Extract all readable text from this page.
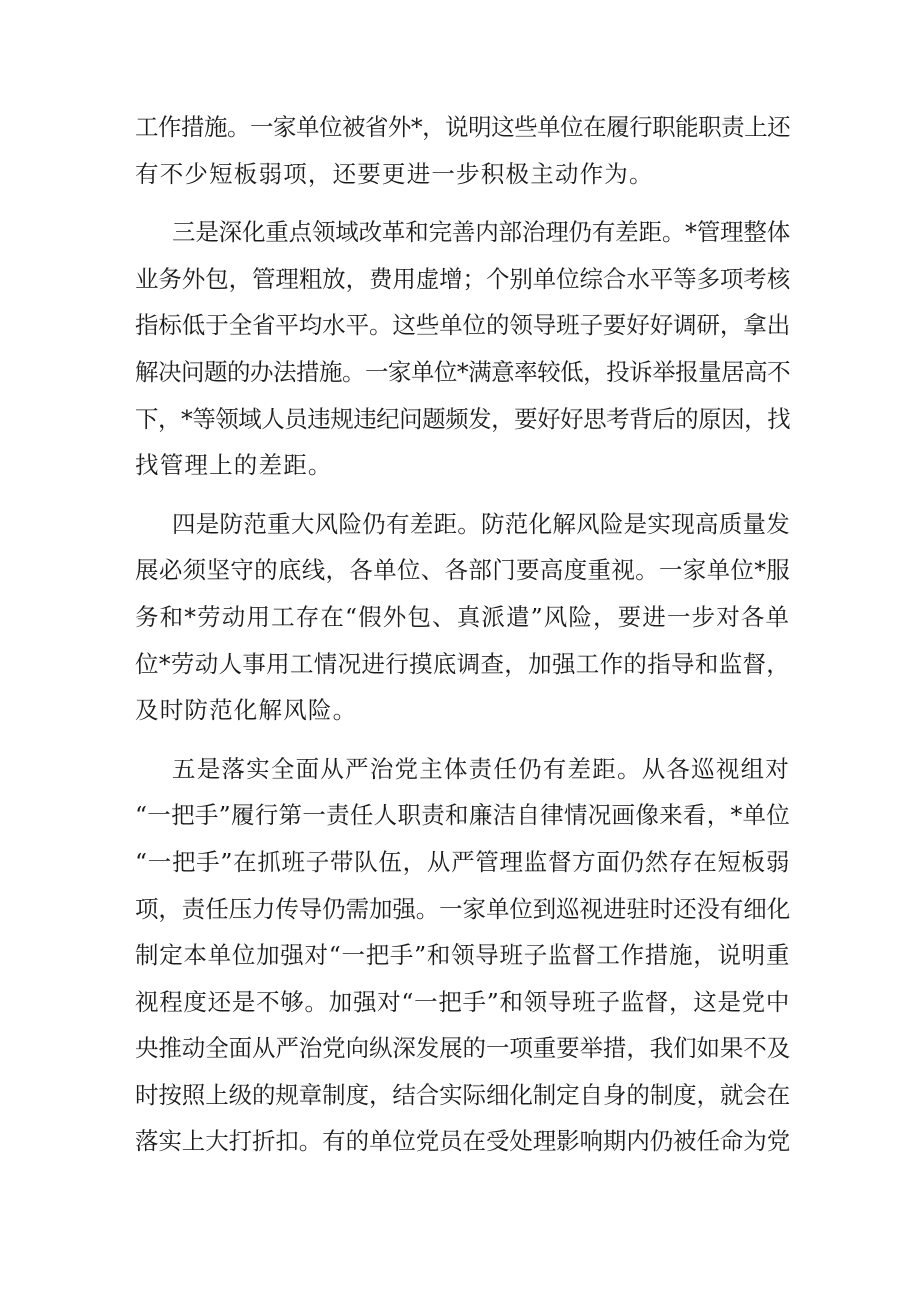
工作措施。一家单位被省外*，说明这些单位在履行职能职责上还
有不少短板弱项，还要更进一步积极主动作为。
三是深化重点领域改革和完善内部治理仍有差距。*管理整体
业务外包，管理粗放，费用虚增；个别单位综合水平等多项考核
指标低于全省平均水平。这些单位的领导班子要好好调研，拿出
解决问题的办法措施。一家单位*满意率较低，投诉举报量居高不
下，*等领域人员违规违纪问题频发，要好好思考背后的原因，找
找管理上的差距。
四是防范重大风险仍有差距。防范化解风险是实现高质量发
展必须坚守的底线，各单位、各部门要高度重视。一家单位*服
务和*劳动用工存在“假外包、真派遣”风险，要进一步对各单
位*劳动人事用工情况进行摸底调查，加强工作的指导和监督，
及时防范化解风险。
五是落实全面从严治党主体责任仍有差距。从各巡视组对
“一把手”履行第一责任人职责和廉洁自律情况画像来看，*单位
“一把手”在抓班子带队伍，从严管理监督方面仍然存在短板弱
项，责任压力传导仍需加强。一家单位到巡视进驻时还没有细化
制定本单位加强对“一把手”和领导班子监督工作措施，说明重
视程度还是不够。加强对“一把手”和领导班子监督，这是党中
央推动全面从严治党向纵深发展的一项重要举措，我们如果不及
时按照上级的规章制度，结合实际细化制定自身的制度，就会在
落实上大打折扣。有的单位党员在受处理影响期内仍被任命为党
